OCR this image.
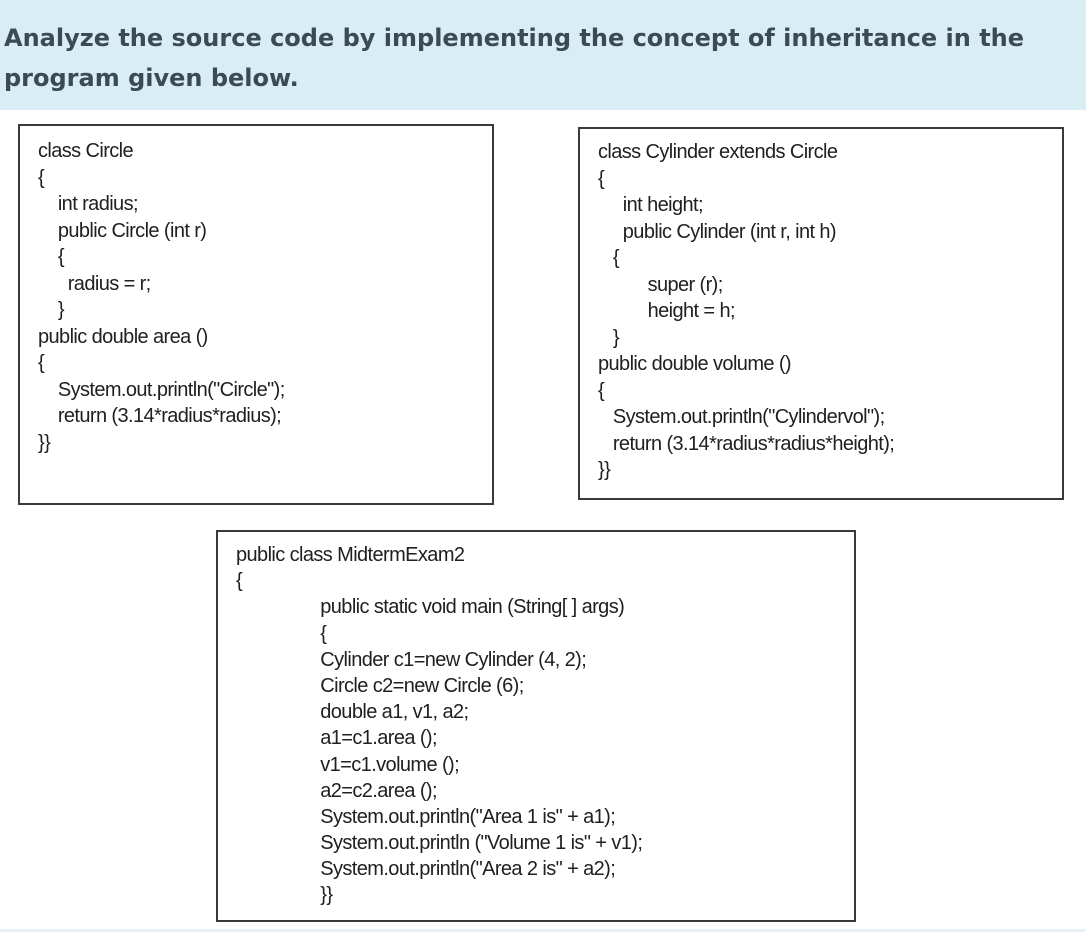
Analyze the source code by implementing the concept of inheritance in the program given below.

class Circle
{
int radius;
public Circle (int r)
{
radius = r;
}
public double area ()
{
System.out.println("Circle");
return (3.14*radius*radius);
}}
class Cylinder extends Circle
{
int height;
public Cylinder (int r, int h)
{
super (r);
height = h;
}
public double volume ()
{
System.out.println("Cylindervol");
return (3.14*radius*radius*height);
}}
public class MidtermExam2
{
public static void main (String[ ] args)
{
Cylinder c1=new Cylinder (4, 2);
Circle c2=new Circle (6);
double a1, v1, a2;
a1=c1.area ();
v1=c1.volume ();
a2=c2.area ();
System.out.println("Area 1 is" + a1);
System.out.println ("Volume 1 is" + v1);
System.out.println("Area 2 is" + a2);
}}
